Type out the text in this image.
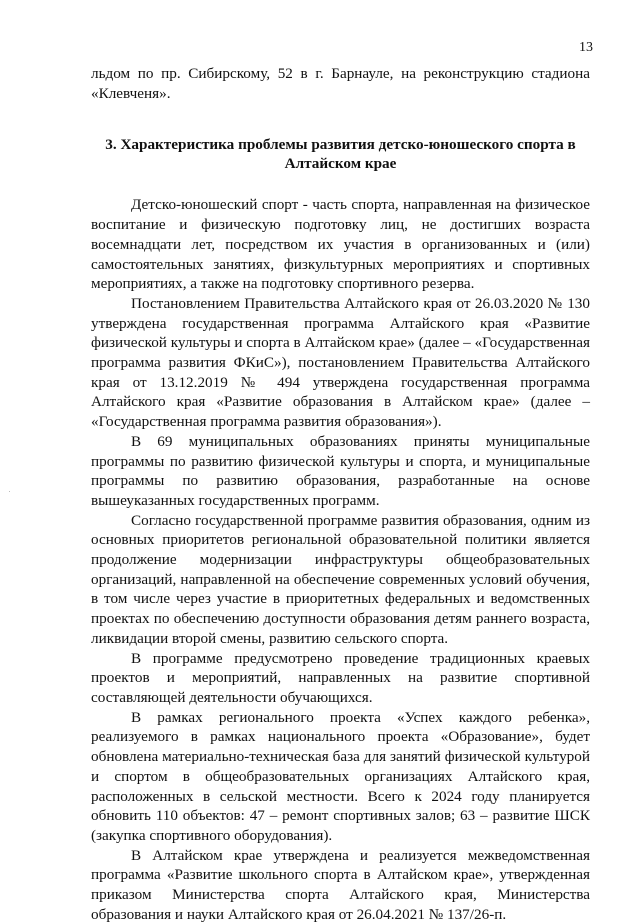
13

льдом по пр. Сибирскому, 52 в г. Барнауле, на реконструкцию стадиона «Клевченя».

3. Характеристика проблемы развития детско-юношеского спорта в Алтайском крае

Детско-юношеский спорт - часть спорта, направленная на физическое воспитание и физическую подготовку лиц, не достигших возраста восемнадцати лет, посредством их участия в организованных и (или) самостоятельных занятиях, физкультурных мероприятиях и спортивных мероприятиях, а также на подготовку спортивного резерва.

Постановлением Правительства Алтайского края от 26.03.2020 № 130 утверждена государственная программа Алтайского края «Развитие физической культуры и спорта в Алтайском крае» (далее – «Государственная программа развития ФКиС»), постановлением Правительства Алтайского края от 13.12.2019 № 494 утверждена государственная программа Алтайского края «Развитие образования в Алтайском крае» (далее – «Государственная программа развития образования»).

В 69 муниципальных образованиях приняты муниципальные программы по развитию физической культуры и спорта, и муниципальные программы по развитию образования, разработанные на основе вышеуказанных государственных программ.

Согласно государственной программе развития образования, одним из основных приоритетов региональной образовательной политики является продолжение модернизации инфраструктуры общеобразовательных организаций, направленной на обеспечение современных условий обучения, в том числе через участие в приоритетных федеральных и ведомственных проектах по обеспечению доступности образования детям раннего возраста, ликвидации второй смены, развитию сельского спорта.

В программе предусмотрено проведение традиционных краевых проектов и мероприятий, направленных на развитие спортивной составляющей деятельности обучающихся.

В рамках регионального проекта «Успех каждого ребенка», реализуемого в рамках национального проекта «Образование», будет обновлена материально-техническая база для занятий физической культурой и спортом в общеобразовательных организациях Алтайского края, расположенных в сельской местности. Всего к 2024 году планируется обновить 110 объектов: 47 – ремонт спортивных залов; 63 – развитие ШСК (закупка спортивного оборудования).

В Алтайском крае утверждена и реализуется межведомственная программа «Развитие школьного спорта в Алтайском крае», утвержденная приказом Министерства спорта Алтайского края, Министерства образования и науки Алтайского края от 26.04.2021 № 137/26-п.
